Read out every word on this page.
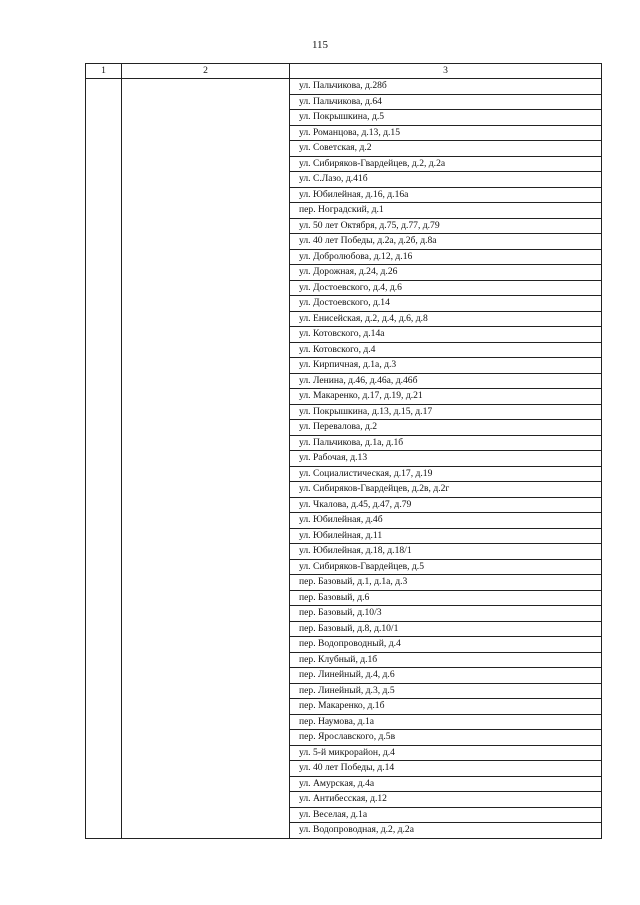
115
1	2	3
		ул. Пальчикова, д.28б
		ул. Пальчикова, д.64
		ул. Покрышкина, д.5
		ул. Романцова, д.13, д.15
		ул. Советская, д.2
		ул. Сибиряков-Гвардейцев, д.2, д.2а
		ул. С.Лазо, д.41б
		ул. Юбилейная, д.16, д.16а
		пер. Ноградский, д.1
		ул. 50 лет Октября, д.75, д.77, д.79
		ул. 40 лет Победы, д.2а, д.2б, д.8а
		ул. Добролюбова, д.12, д.16
		ул. Дорожная, д.24, д.26
		ул. Достоевского, д.4, д.6
		ул. Достоевского, д.14
		ул. Енисейская, д.2, д.4, д.6, д.8
		ул. Котовского, д.14а
		ул. Котовского, д.4
		ул. Кирпичная, д.1а, д.3
		ул. Ленина, д.46, д.46а, д.46б
		ул. Макаренко, д.17, д.19, д.21
		ул. Покрышкина, д.13, д.15, д.17
		ул. Перевалова, д.2
		ул. Пальчикова, д.1а, д.1б
		ул. Рабочая, д.13
		ул. Социалистическая, д.17, д.19
		ул. Сибиряков-Гвардейцев, д.2в, д.2г
		ул. Чкалова, д.45, д.47, д.79
		ул. Юбилейная, д.4б
		ул. Юбилейная, д.11
		ул. Юбилейная, д.18, д.18/1
		ул. Сибиряков-Гвардейцев, д.5
		пер. Базовый, д.1, д.1а, д.3
		пер. Базовый, д.6
		пер. Базовый, д.10/3
		пер. Базовый, д.8, д.10/1
		пер. Водопроводный, д.4
		пер. Клубный, д.1б
		пер. Линейный, д.4, д.6
		пер. Линейный, д.3, д.5
		пер. Макаренко, д.1б
		пер. Наумова, д.1а
		пер. Ярославского, д.5в
		ул. 5-й микрорайон, д.4
		ул. 40 лет Победы, д.14
		ул. Амурская, д.4а
		ул. Антибесская, д.12
		ул. Веселая, д.1а
		ул. Водопроводная, д.2, д.2а
